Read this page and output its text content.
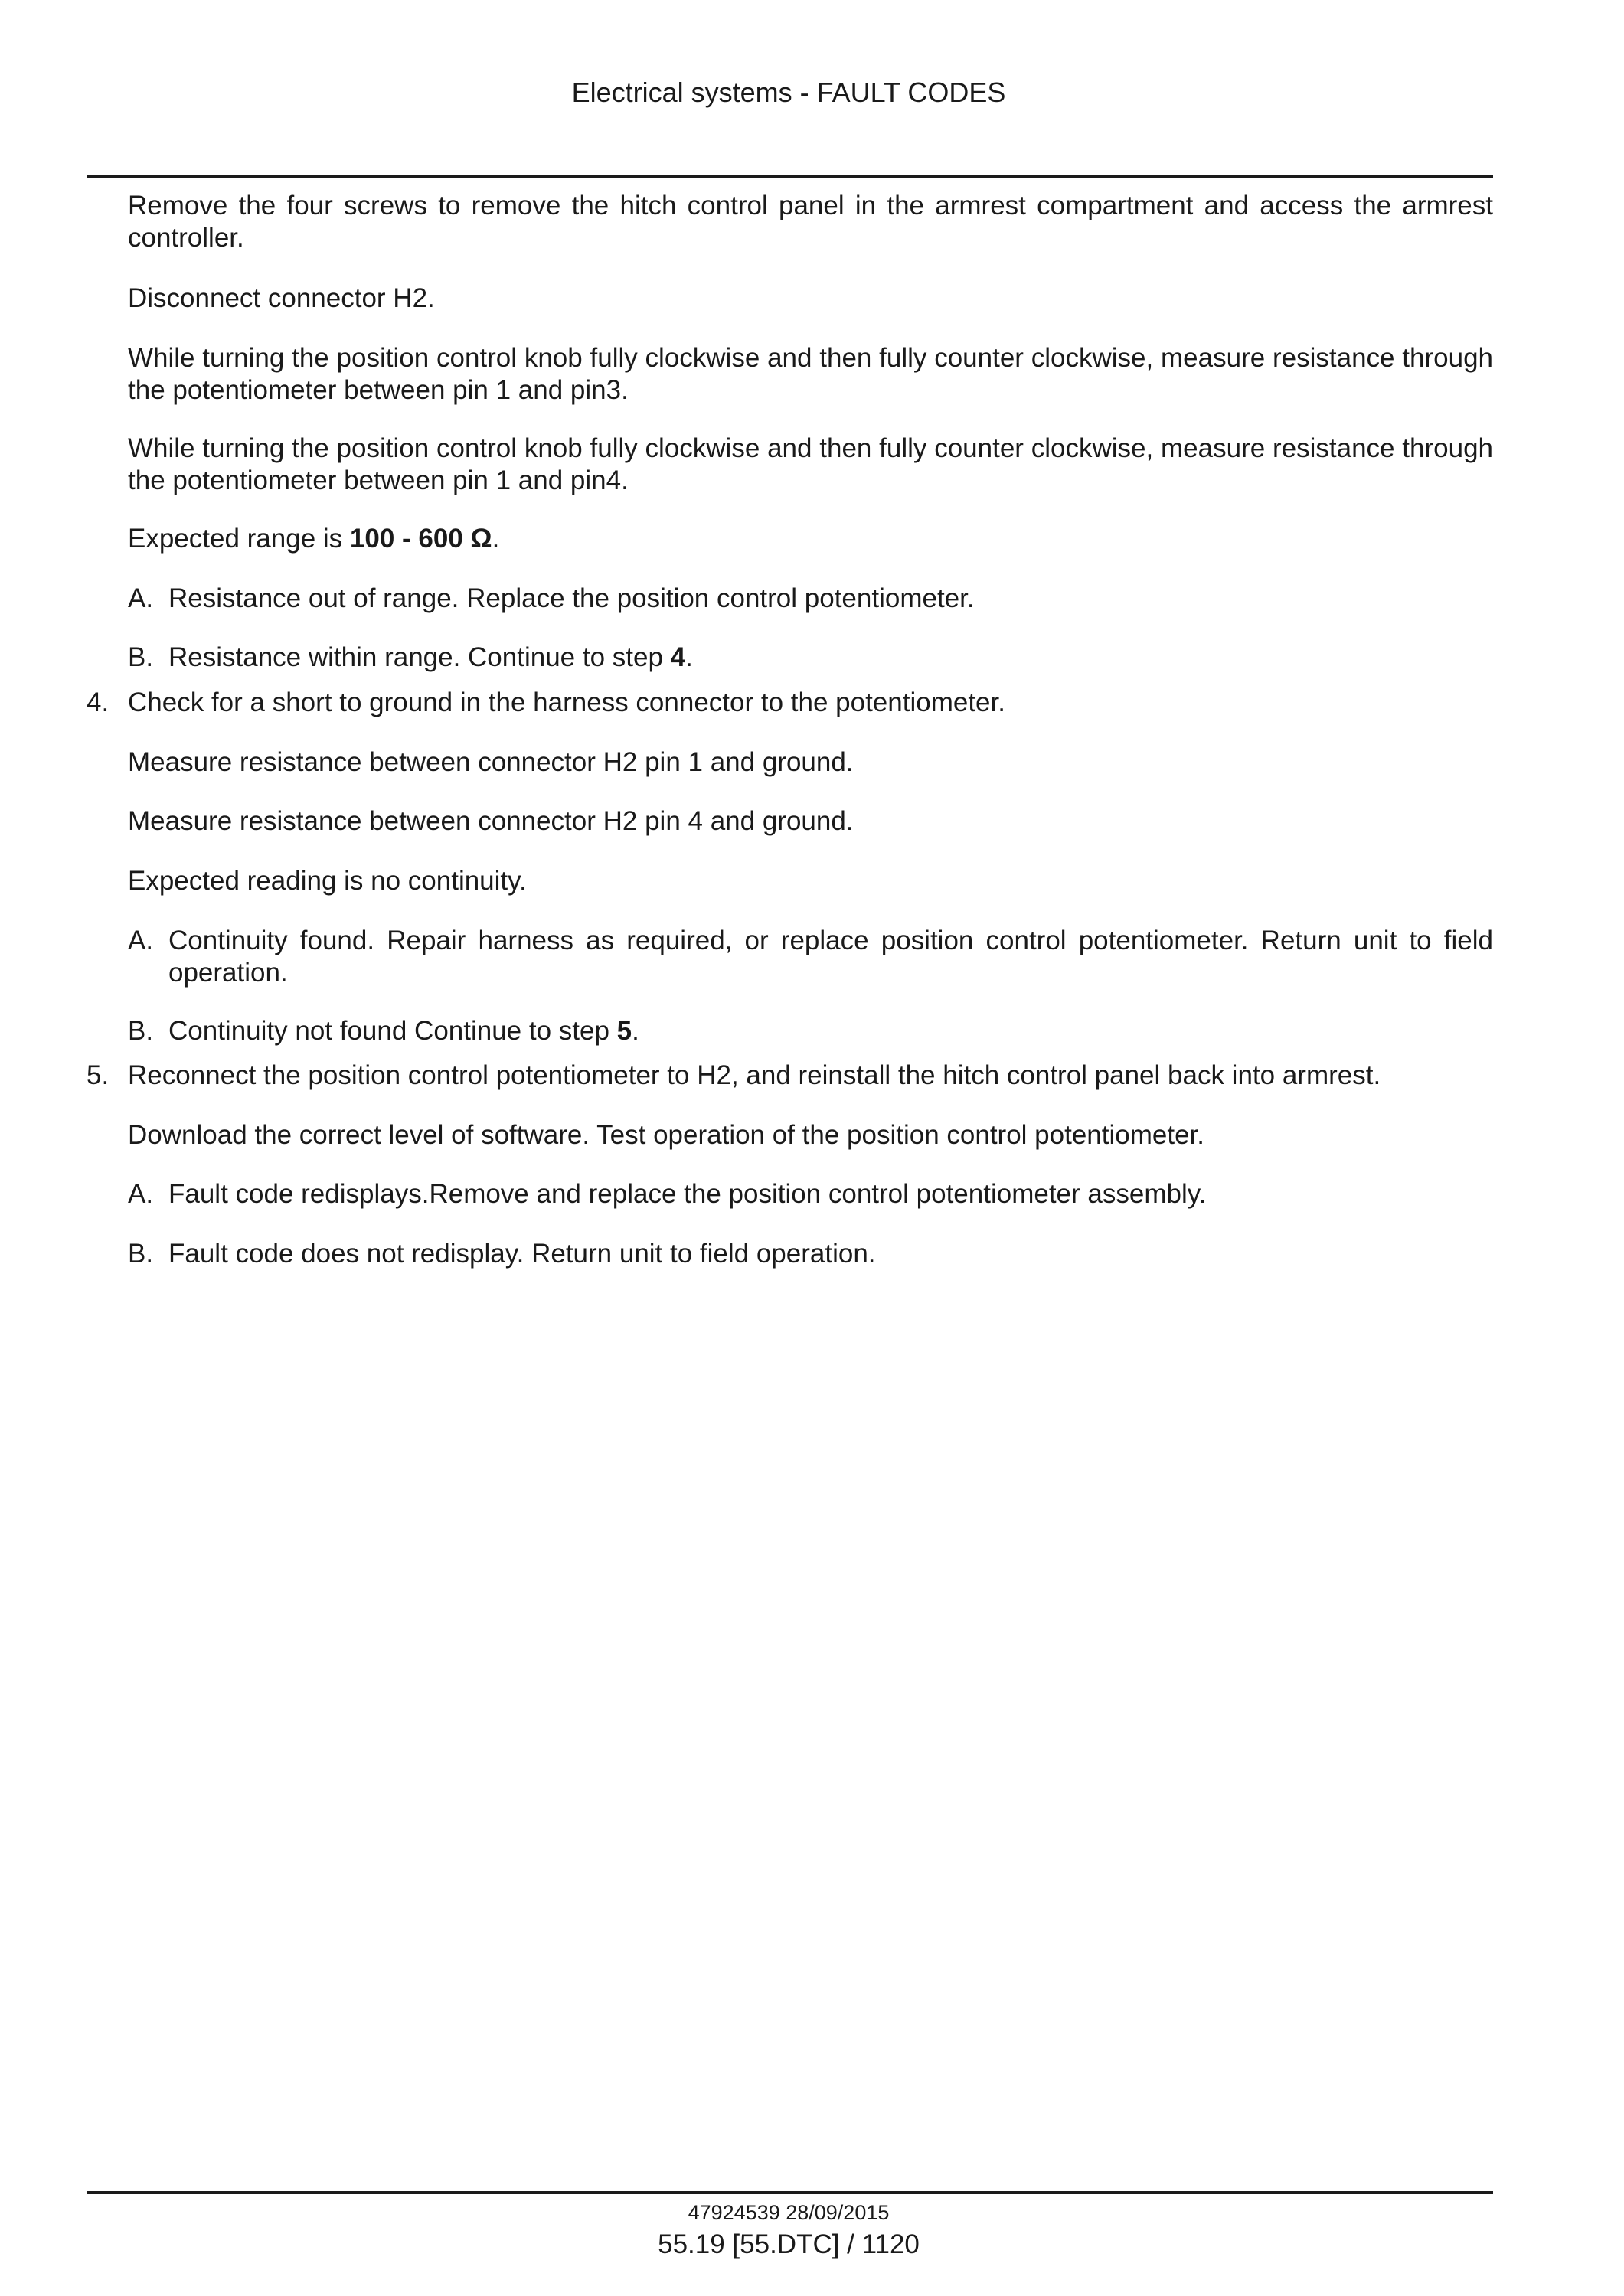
Electrical systems - FAULT CODES

Remove the four screws to remove the hitch control panel in the armrest compartment and access the armrest controller.

Disconnect connector H2.

While turning the position control knob fully clockwise and then fully counter clockwise, measure resistance through the potentiometer between pin 1 and pin3.

While turning the position control knob fully clockwise and then fully counter clockwise, measure resistance through the potentiometer between pin 1 and pin4.

Expected range is 100 - 600 Ω.

A. Resistance out of range. Replace the position control potentiometer.

B. Resistance within range. Continue to step 4.

4. Check for a short to ground in the harness connector to the potentiometer.

Measure resistance between connector H2 pin 1 and ground.

Measure resistance between connector H2 pin 4 and ground.

Expected reading is no continuity.

A. Continuity found. Repair harness as required, or replace position control potentiometer. Return unit to field operation.

B. Continuity not found Continue to step 5.

5. Reconnect the position control potentiometer to H2, and reinstall the hitch control panel back into armrest.

Download the correct level of software. Test operation of the position control potentiometer.

A. Fault code redisplays.Remove and replace the position control potentiometer assembly.

B. Fault code does not redisplay. Return unit to field operation.

47924539 28/09/2015
55.19 [55.DTC] / 1120
